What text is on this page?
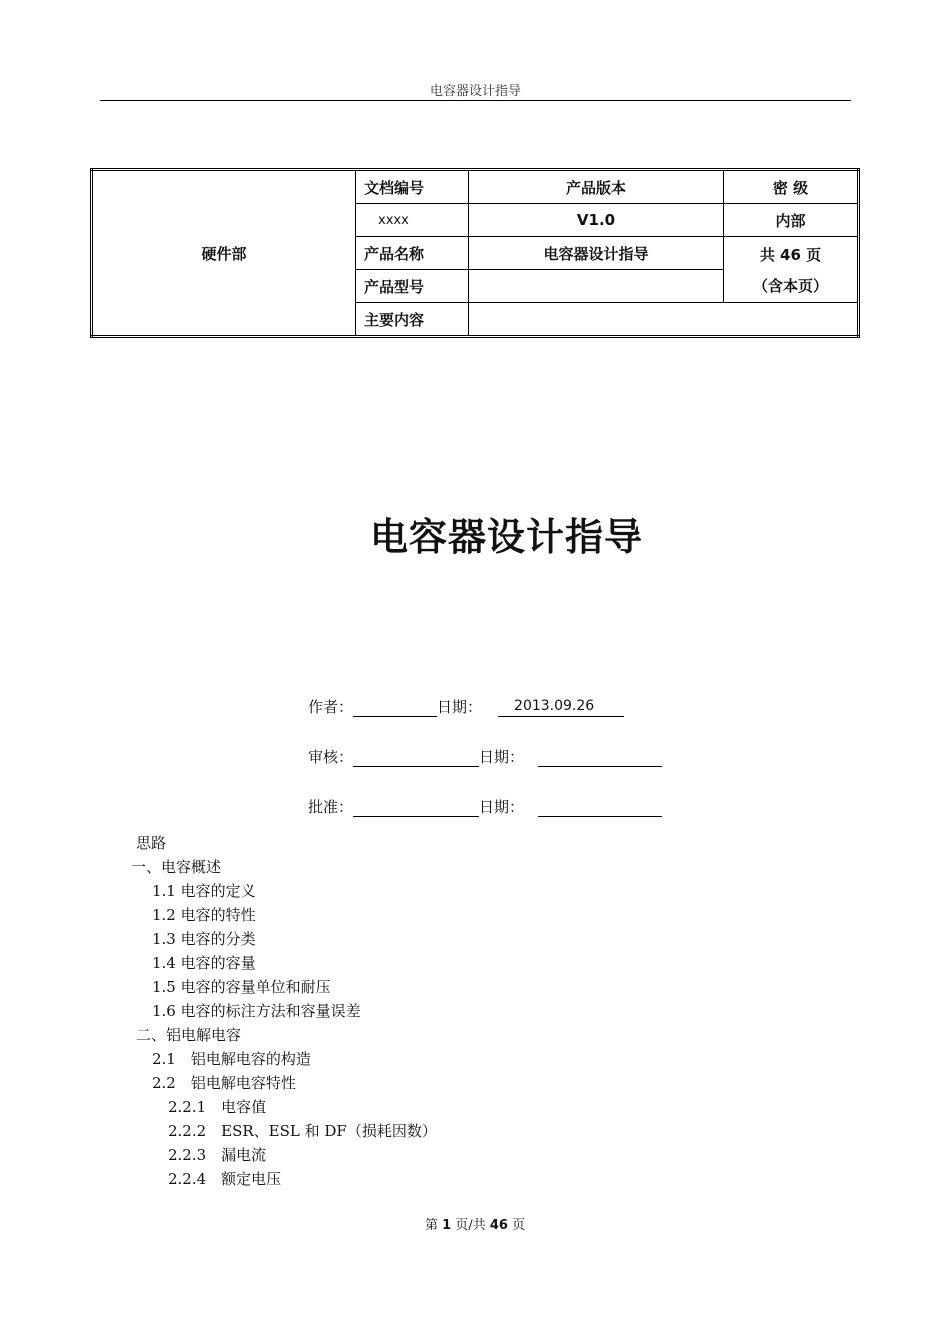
电容器设计指导
硬件部	文档编号	产品版本	密 级
	xxxx	V1.0	内部
	产品名称	电容器设计指导	共 46 页
（含本页）

	产品型号		
	主要内容		
电容器设计指导
作者：	日期： 2013.09.26
审核：	日期：
批准：	日期：
思路
一、电容概述
1.1 电容的定义
1.2 电容的特性
1.3 电容的分类
1.4 电容的容量
1.5 电容的容量单位和耐压
1.6 电容的标注方法和容量误差
二、铝电解电容
2.1　铝电解电容的构造
2.2　铝电解电容特性
2.2.1　电容值
2.2.2　ESR、ESL 和 DF（损耗因数）
2.2.3　漏电流
2.2.4　额定电压
第 1 页/共 46 页
